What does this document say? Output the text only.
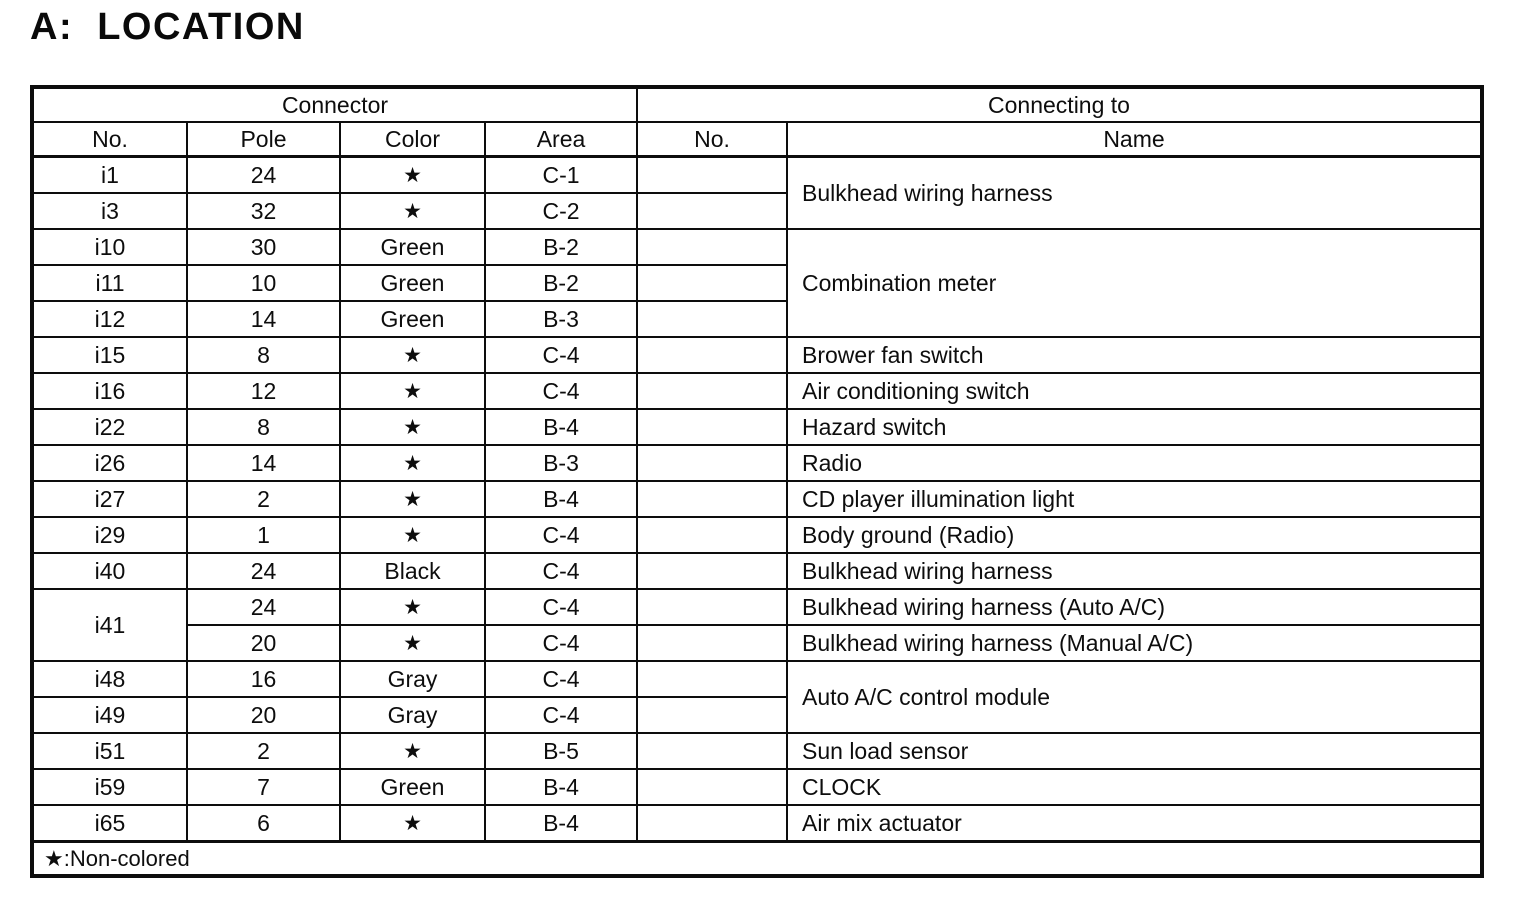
A:  LOCATION
Connector				Connecting to	
No.	Pole	Color	Area	No.	Name
i1	24	★	C-1		Bulkhead wiring harness
i3	32	★	C-2		
i10	30	Green	B-2		Combination meter
i11	10	Green	B-2		
i12	14	Green	B-3		
i15	8	★	C-4		Brower fan switch
i16	12	★	C-4		Air conditioning switch
i22	8	★	B-4		Hazard switch
i26	14	★	B-3		Radio
i27	2	★	B-4		CD player illumination light
i29	1	★	C-4		Body ground (Radio)
i40	24	Black	C-4		Bulkhead wiring harness
i41	24	★	C-4		Bulkhead wiring harness (Auto A/C)
	20	★	C-4		Bulkhead wiring harness (Manual A/C)
i48	16	Gray	C-4		Auto A/C control module
i49	20	Gray	C-4		
i51	2	★	B-5		Sun load sensor
i59	7	Green	B-4		CLOCK
i65	6	★	B-4		Air mix actuator
★:Non-colored					
